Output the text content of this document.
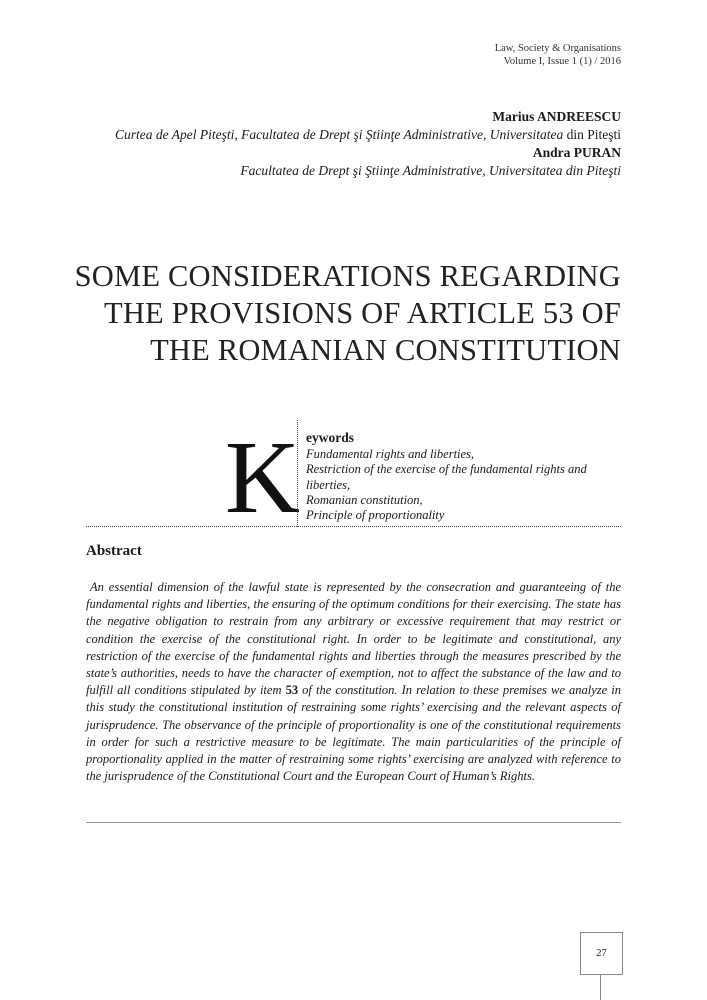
Law, Society & Organisations
Volume I, Issue 1 (1) / 2016
Marius ANDREESCU
Curtea de Apel Piteşti, Facultatea de Drept şi Ştiinţe Administrative, Universitatea din Piteşti
Andra PURAN
Facultatea de Drept şi Ştiinţe Administrative, Universitatea din Piteşti
SOME CONSIDERATIONS REGARDING
THE PROVISIONS OF ARTICLE 53 OF
THE ROMANIAN CONSTITUTION
K eywords
Fundamental rights and liberties,
Restriction of the exercise of the fundamental rights and liberties,
Romanian constitution,
Principle of proportionality
Abstract
An essential dimension of the lawful state is represented by the consecration and guaranteeing of the fundamental rights and liberties, the ensuring of the optimum conditions for their exercising. The state has the negative obligation to restrain from any arbitrary or excessive requirement that may restrict or condition the exercise of the constitutional right. In order to be legitimate and constitutional, any restriction of the exercise of the fundamental rights and liberties through the measures prescribed by the state’s authorities, needs to have the character of exemption, not to affect the substance of the law and to fulfill all conditions stipulated by item 53 of the constitution. In relation to these premises we analyze in this study the constitutional institution of restraining some rights’ exercising and the relevant aspects of jurisprudence. The observance of the principle of proportionality is one of the constitutional requirements in order for such a restrictive measure to be legitimate. The main particularities of the principle of proportionality applied in the matter of restraining some rights’ exercising are analyzed with reference to the jurisprudence of the Constitutional Court and the European Court of Human’s Rights.
27
